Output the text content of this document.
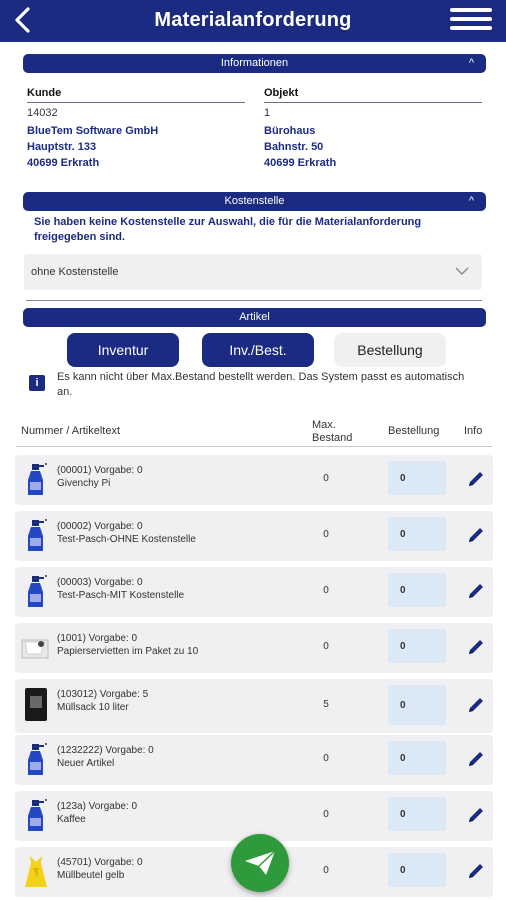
Materialanforderung
Informationen	^
Kunde
14032
BlueTem Software GmbH
Hauptstr. 133
40699 Erkrath
Objekt
1
Bürohaus
Bahnstr. 50
40699 Erkrath
Kostenstelle	^
Sie haben keine Kostenstelle zur Auswahl, die für die Materialanforderung freigegeben sind.
ohne Kostenstelle
Artikel
Inventur	Inv./Best.	Bestellung
i	Es kann nicht über Max.Bestand bestellt werden. Das System passt es automatisch an.
Nummer / Artikeltext	Max.
Bestand
Bestellung Info
(00001) Vorgabe: 0
Givenchy Pi	0	0
(00002) Vorgabe: 0
Test-Pasch-OHNE Kostenstelle	0	0
(00003) Vorgabe: 0
Test-Pasch-MIT Kostenstelle	0	0
(1001) Vorgabe: 0
Papierservietten im Paket zu 10	0	0
(103012) Vorgabe: 5
Müllsack 10 liter	5	0
(1232222) Vorgabe: 0
Neuer Artikel	0	0
(123a) Vorgabe: 0
Kaffee	0	0
(45701) Vorgabe: 0
Müllbeutel gelb	0	0
